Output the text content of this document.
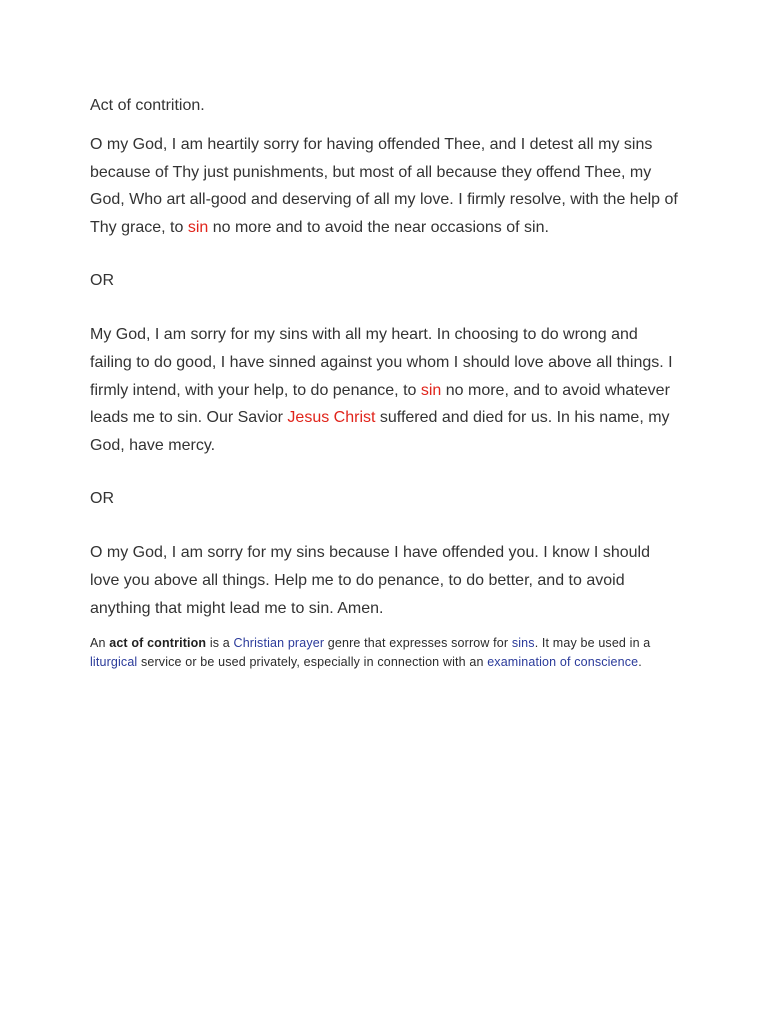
Act of contrition.

O my God, I am heartily sorry for having offended Thee, and I detest all my sins because of Thy just punishments, but most of all because they offend Thee, my God, Who art all-good and deserving of all my love. I firmly resolve, with the help of Thy grace, to sin no more and to avoid the near occasions of sin.

OR

My God, I am sorry for my sins with all my heart. In choosing to do wrong and failing to do good, I have sinned against you whom I should love above all things. I firmly intend, with your help, to do penance, to sin no more, and to avoid whatever leads me to sin. Our Savior Jesus Christ suffered and died for us. In his name, my God, have mercy.

OR

O my God, I am sorry for my sins because I have offended you. I know I should love you above all things. Help me to do penance, to do better, and to avoid anything that might lead me to sin. Amen.

An act of contrition is a Christian prayer genre that expresses sorrow for sins. It may be used in a liturgical service or be used privately, especially in connection with an examination of conscience.
